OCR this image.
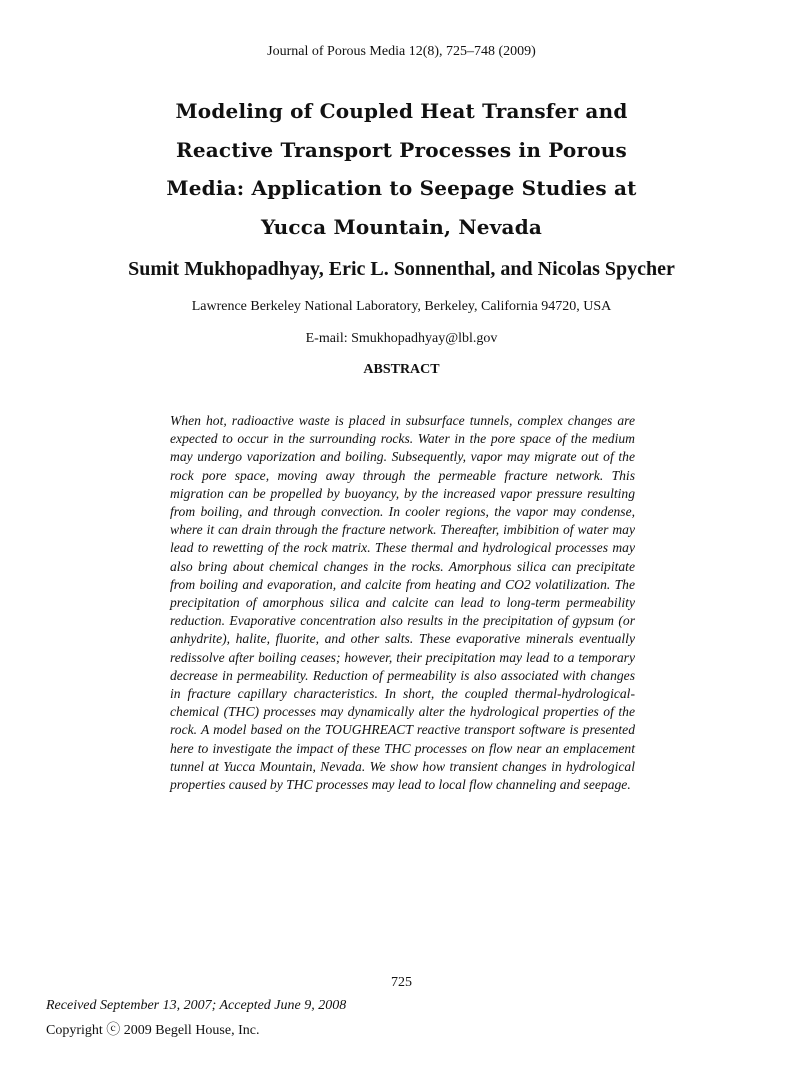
Journal of Porous Media 12(8), 725–748 (2009)
Modeling of Coupled Heat Transfer and
Reactive Transport Processes in Porous
Media: Application to Seepage Studies at
Yucca Mountain, Nevada
Sumit Mukhopadhyay, Eric L. Sonnenthal, and Nicolas Spycher
Lawrence Berkeley National Laboratory, Berkeley, California 94720, USA
E-mail: Smukhopadhyay@lbl.gov
ABSTRACT

When hot, radioactive waste is placed in subsurface tunnels, complex changes are expected to occur in the surrounding rocks. Water in the pore space of the medium may undergo vaporization and boiling. Subsequently, vapor may migrate out of the rock pore space, moving away through the permeable fracture network. This migration can be propelled by buoyancy, by the increased vapor pressure resulting from boiling, and through convection. In cooler regions, the vapor may condense, where it can drain through the fracture network. Thereafter, imbibition of water may lead to rewetting of the rock matrix. These thermal and hydrological processes may also bring about chemical changes in the rocks. Amorphous silica can precipitate from boiling and evaporation, and calcite from heating and CO2 volatilization. The precipitation of amorphous silica and calcite can lead to long-term permeability reduction. Evaporative concentration also results in the precipitation of gypsum (or anhydrite), halite, fluorite, and other salts. These evaporative minerals eventually redissolve after boiling ceases; however, their precipitation may lead to a temporary decrease in permeability. Reduction of permeability is also associated with changes in fracture capillary characteristics. In short, the coupled thermal-hydrological-chemical (THC) processes may dynamically alter the hydrological properties of the rock. A model based on the TOUGHREACT reactive transport software is presented here to investigate the impact of these THC processes on flow near an emplacement tunnel at Yucca Mountain, Nevada. We show how transient changes in hydrological properties caused by THC processes may lead to local flow channeling and seepage.

725
Received September 13, 2007; Accepted June 9, 2008
Copyright ⓒ 2009 Begell House, Inc.
